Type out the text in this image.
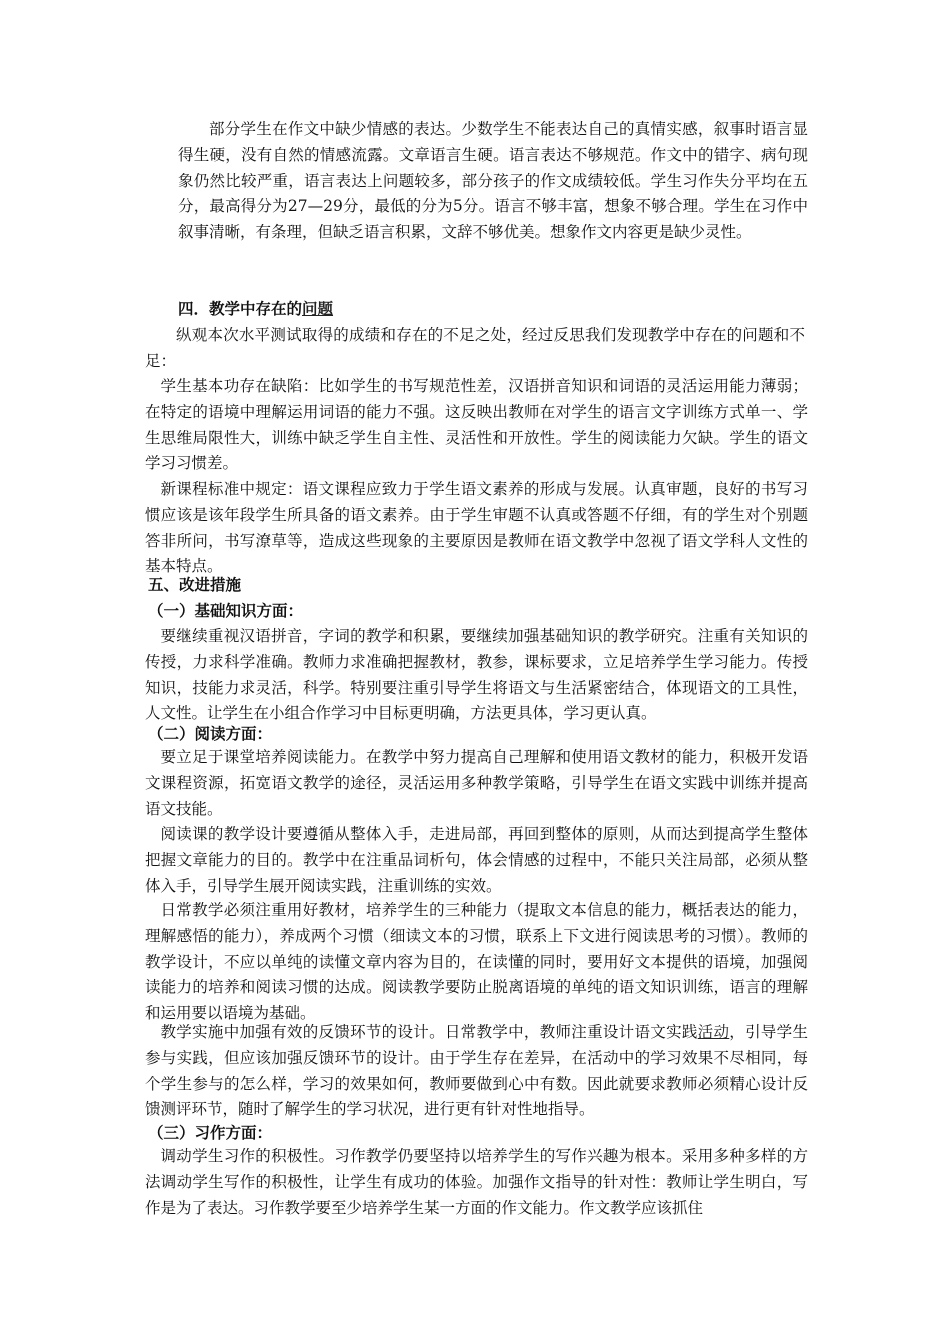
部分学生在作文中缺少情感的表达。少数学生不能表达自己的真情实感，叙事时语言显得生硬，没有自然的情感流露。文章语言生硬。语言表达不够规范。作文中的错字、病句现象仍然比较严重，语言表达上问题较多，部分孩子的作文成绩较低。学生习作失分平均在五分，最高得分为27—29分，最低的分为5分。语言不够丰富，想象不够合理。学生在习作中叙事清晰，有条理，但缺乏语言积累，文辞不够优美。想象作文内容更是缺少灵性。

四．教学中存在的问题

纵观本次水平测试取得的成绩和存在的不足之处，经过反思我们发现教学中存在的问题和不足：

学生基本功存在缺陷：比如学生的书写规范性差，汉语拼音知识和词语的灵活运用能力薄弱；在特定的语境中理解运用词语的能力不强。这反映出教师在对学生的语言文字训练方式单一、学生思维局限性大，训练中缺乏学生自主性、灵活性和开放性。学生的阅读能力欠缺。学生的语文学习习惯差。

新课程标准中规定：语文课程应致力于学生语文素养的形成与发展。认真审题，良好的书写习惯应该是该年段学生所具备的语文素养。由于学生审题不认真或答题不仔细，有的学生对个别题答非所问，书写潦草等，造成这些现象的主要原因是教师在语文教学中忽视了语文学科人文性的基本特点。

五、改进措施

（一）基础知识方面：

要继续重视汉语拼音，字词的教学和积累，要继续加强基础知识的教学研究。注重有关知识的传授，力求科学准确。教师力求准确把握教材，教参，课标要求，立足培养学生学习能力。传授知识，技能力求灵活，科学。特别要注重引导学生将语文与生活紧密结合，体现语文的工具性，人文性。让学生在小组合作学习中目标更明确，方法更具体，学习更认真。

（二）阅读方面：

要立足于课堂培养阅读能力。在教学中努力提高自己理解和使用语文教材的能力，积极开发语文课程资源，拓宽语文教学的途径，灵活运用多种教学策略，引导学生在语文实践中训练并提高语文技能。

阅读课的教学设计要遵循从整体入手，走进局部，再回到整体的原则，从而达到提高学生整体把握文章能力的目的。教学中在注重品词析句，体会情感的过程中，不能只关注局部，必须从整体入手，引导学生展开阅读实践，注重训练的实效。

日常教学必须注重用好教材，培养学生的三种能力（提取文本信息的能力，概括表达的能力，理解感悟的能力），养成两个习惯（细读文本的习惯，联系上下文进行阅读思考的习惯）。教师的教学设计，不应以单纯的读懂文章内容为目的，在读懂的同时，要用好文本提供的语境，加强阅读能力的培养和阅读习惯的达成。阅读教学要防止脱离语境的单纯的语文知识训练，语言的理解和运用要以语境为基础。

教学实施中加强有效的反馈环节的设计。日常教学中，教师注重设计语文实践活动，引导学生参与实践，但应该加强反馈环节的设计。由于学生存在差异，在活动中的学习效果不尽相同，每个学生参与的怎么样，学习的效果如何，教师要做到心中有数。因此就要求教师必须精心设计反馈测评环节，随时了解学生的学习状况，进行更有针对性地指导。

（三）习作方面：

调动学生习作的积极性。习作教学仍要坚持以培养学生的写作兴趣为根本。采用多种多样的方法调动学生写作的积极性，让学生有成功的体验。加强作文指导的针对性：教师让学生明白，写作是为了表达。习作教学要至少培养学生某一方面的作文能力。作文教学应该抓住
